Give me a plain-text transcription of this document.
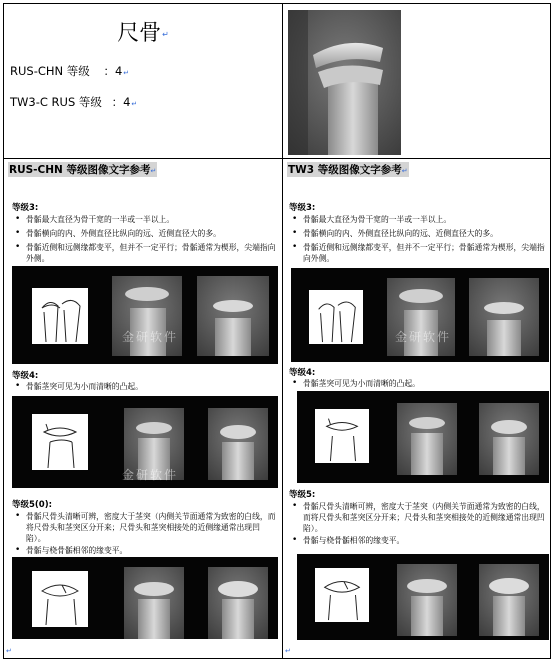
尺骨↵
RUS-CHN 等级 ：4↵
TW3-C RUS 等级 ：4↵
RUS-CHN 等级图像文字参考↵
等级3:
• 骨骺最大直径为骨干宽的一半或一半以上。
• 骨骺横向的内、外侧直径比纵向的远、近侧直径大的多。
• 骨骺近侧和远侧缘都变平，但并不一定平行；骨骺通常为楔形，尖端指向外侧。
金研软件
等级4:
• 骨骺茎突可见为小而清晰的凸起。
金研软件
等级5(0):
• 骨骺尺骨头清晰可辨，密度大于茎突（内侧关节面通常为致密的白线，而将尺骨头和茎突区分开来；尺骨头和茎突相接处的近侧缘通常出现凹陷）。
• 骨骺与桡骨骺相邻的缘变平。
↵
TW3 等级图像文字参考↵
等级3:
• 骨骺最大直径为骨干宽的一半或一半以上。
• 骨骺横向的内、外侧直径比纵向的远、近侧直径大的多。
• 骨骺近侧和远侧缘都变平，但并不一定平行；骨骺通常为楔形，尖端指向外侧。
金研软件
等级4:
• 骨骺茎突可见为小而清晰的凸起。
等级5:
• 骨骺尺骨头清晰可辨，密度大于茎突（内侧关节面通常为致密的白线，而将尺骨头和茎突区分开来；尺骨头和茎突相接处的近侧缘通常出现凹陷）。
• 骨骺与桡骨骺相邻的缘变平。
↵
